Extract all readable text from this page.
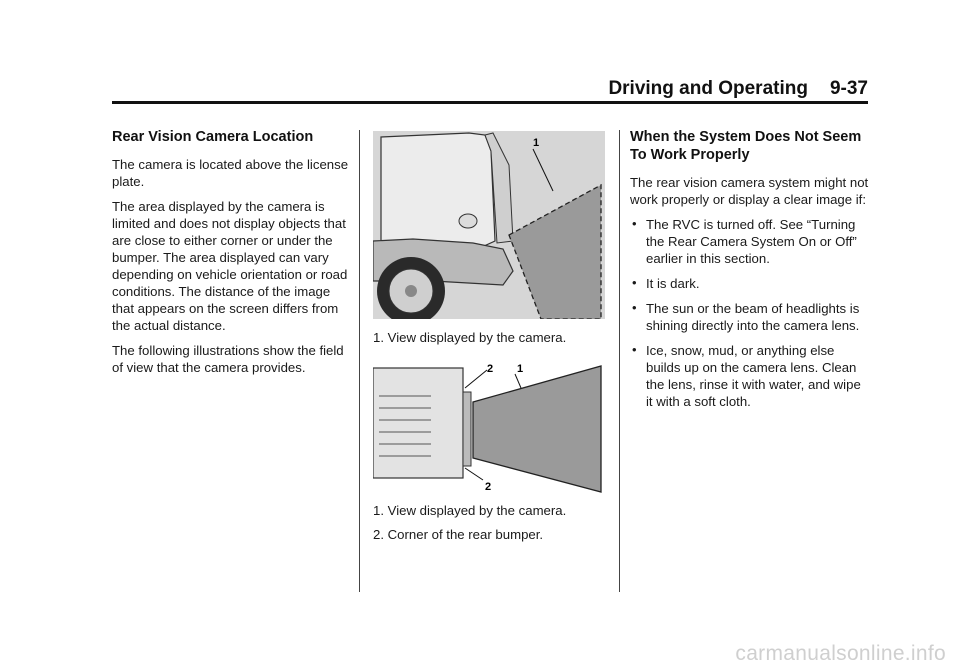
Driving and Operating 9-37
Rear Vision Camera Location

The camera is located above the license plate.

The area displayed by the camera is limited and does not display objects that are close to either corner or under the bumper. The area displayed can vary depending on vehicle orientation or road conditions. The distance of the image that appears on the screen differs from the actual distance.

The following illustrations show the field of view that the camera provides.

1
1. View displayed by the camera.
2 1
2
1. View displayed by the camera.
2. Corner of the rear bumper.
When the System Does Not Seem To Work Properly

The rear vision camera system might not work properly or display a clear image if:

• The RVC is turned off. See “Turning the Rear Camera System On or Off” earlier in this section.
• It is dark.
• The sun or the beam of headlights is shining directly into the camera lens.
• Ice, snow, mud, or anything else builds up on the camera lens. Clean the lens, rinse it with water, and wipe it with a soft cloth.
carmanualsonline.info
